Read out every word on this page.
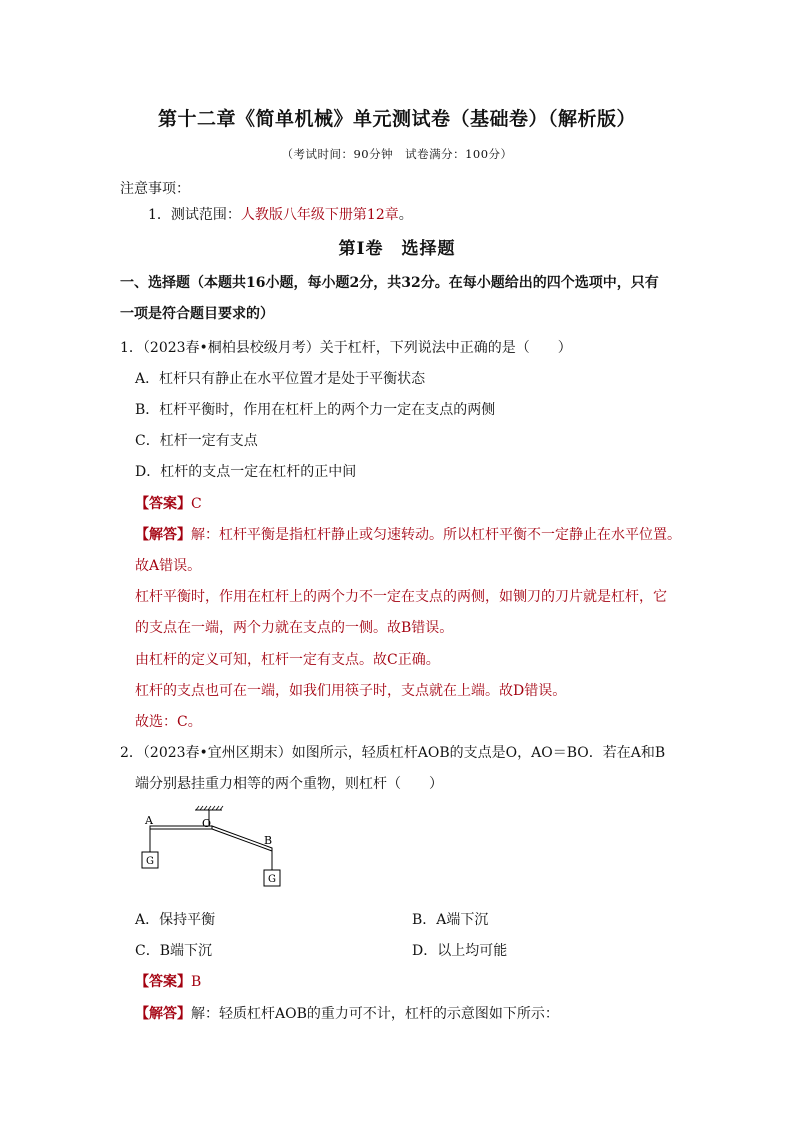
第十二章《简单机械》单元测试卷（基础卷）（解析版）
（考试时间：90分钟　试卷满分：100分）
注意事项：
1．测试范围：人教版八年级下册第12章。
第Ⅰ卷　选择题
一、选择题（本题共16小题，每小题2分，共32分。在每小题给出的四个选项中，只有
一项是符合题目要求的）
1．（2023春•桐柏县校级月考）关于杠杆，下列说法中正确的是（　　）
A．杠杆只有静止在水平位置才是处于平衡状态
B．杠杆平衡时，作用在杠杆上的两个力一定在支点的两侧
C．杠杆一定有支点
D．杠杆的支点一定在杠杆的正中间
【答案】C
【解答】解：杠杆平衡是指杠杆静止或匀速转动。所以杠杆平衡不一定静止在水平位置。
故A错误。
杠杆平衡时，作用在杠杆上的两个力不一定在支点的两侧，如铡刀的刀片就是杠杆，它
的支点在一端，两个力就在支点的一侧。故B错误。
由杠杆的定义可知，杠杆一定有支点。故C正确。
杠杆的支点也可在一端，如我们用筷子时，支点就在上端。故D错误。
故选：C。
2．（2023春•宜州区期末）如图所示，轻质杠杆AOB的支点是O，AO＝BO．若在A和B
端分别悬挂重力相等的两个重物，则杠杆（　　）
G
G
A	O
B
A．保持平衡	B．A端下沉
C．B端下沉	D．以上均可能
【答案】B
【解答】解：轻质杠杆AOB的重力可不计，杠杆的示意图如下所示：
